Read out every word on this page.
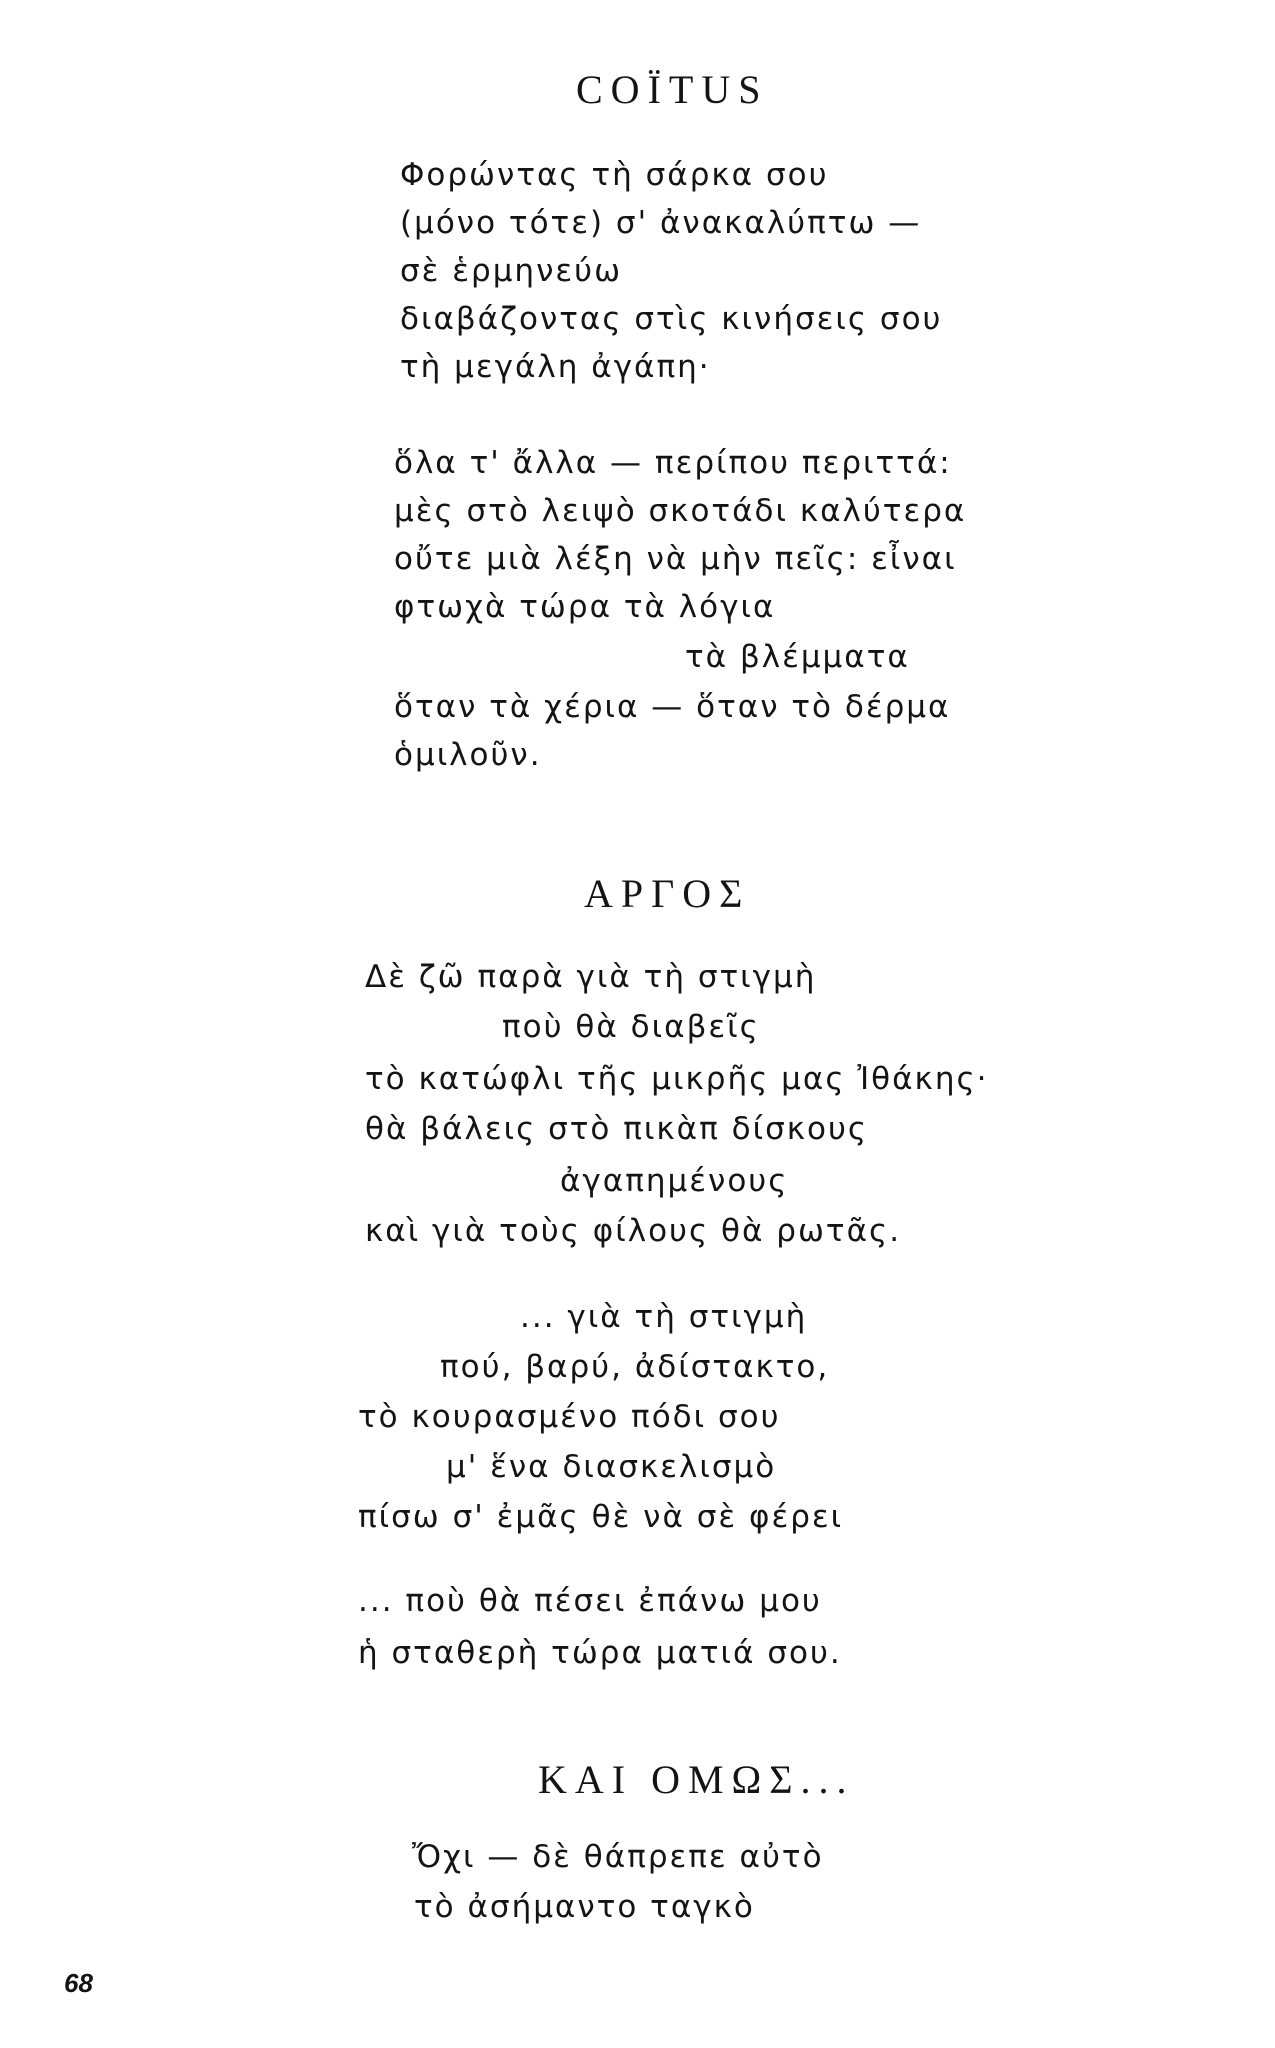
COÏTUS
Φορώντας τὴ σάρκα σου
(μόνο τότε) σ' ἀνακαλύπτω —
σὲ ἑρμηνεύω
διαβάζοντας στὶς κινήσεις σου
τὴ μεγάλη ἀγάπη·
ὅλα τ' ἄλλα — περίπου περιττά:
μὲς στὸ λειψὸ σκοτάδι καλύτερα
οὔτε μιὰ λέξη νὰ μὴν πεῖς: εἶναι
φτωχὰ τώρα τὰ λόγια
τὰ βλέμματα
ὅταν τὰ χέρια — ὅταν τὸ δέρμα
ὁμιλοῦν.
ΑΡΓΟΣ
Δὲ ζῶ παρὰ γιὰ τὴ στιγμὴ
ποὺ θὰ διαβεῖς
τὸ κατώφλι τῆς μικρῆς μας Ἰθάκης·
θὰ βάλεις στὸ πικὰπ δίσκους
ἀγαπημένους
καὶ γιὰ τοὺς φίλους θὰ ρωτᾶς.
... γιὰ τὴ στιγμὴ
πού, βαρύ, ἀδίστακτο,
τὸ κουρασμένο πόδι σου
μ' ἕνα διασκελισμὸ
πίσω σ' ἐμᾶς θὲ νὰ σὲ φέρει
... ποὺ θὰ πέσει ἐπάνω μου
ἡ σταθερὴ τώρα ματιά σου.
ΚΑΙ ΟΜΩΣ...
Ὄχι — δὲ θάπρεπε αὐτὸ
τὸ ἀσήμαντο ταγκὸ
68
